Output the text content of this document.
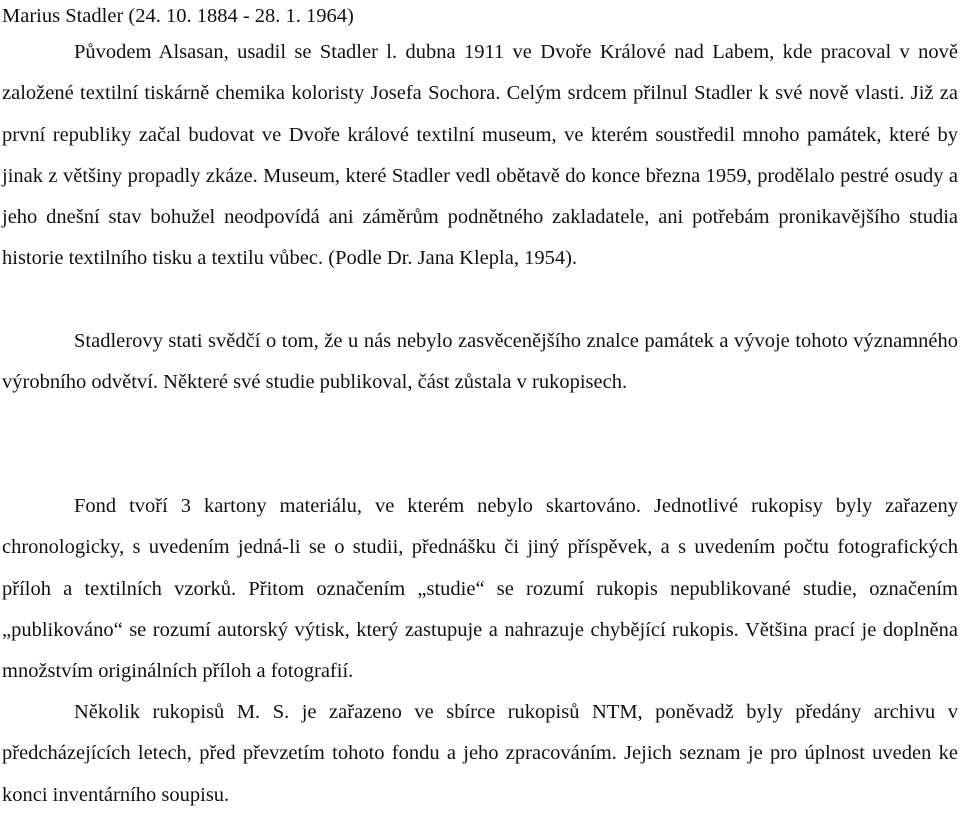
Marius Stadler (24. 10. 1884 - 28. 1. 1964)

Původem Alsasan, usadil se Stadler l. dubna 1911 ve Dvoře Králové nad Labem, kde pracoval v nově založené textilní tiskárně chemika koloristy Josefa Sochora. Celým srdcem přilnul Stadler k své nově vlasti. Již za první republiky začal budovat ve Dvoře králové textilní museum, ve kterém soustředil mnoho památek, které by jinak z většiny propadly zkáze. Museum, které Stadler vedl obětavě do konce března 1959, prodělalo pestré osudy a jeho dnešní stav bohužel neodpovídá ani záměrům podnětného zakladatele, ani potřebám pronikavějšího studia historie textilního tisku a textilu vůbec. (Podle Dr. Jana Klepla, 1954).

Stadlerovy stati svědčí o tom, že u nás nebylo zasvěcenějšího znalce památek a vývoje tohoto významného výrobního odvětví. Některé své studie publikoval, část zůstala v rukopisech.

Fond tvoří 3 kartony materiálu, ve kterém nebylo skartováno. Jednotlivé rukopisy byly zařazeny chronologicky, s uvedením jedná-li se o studii, přednášku či jiný příspěvek, a s uvedením počtu fotografických příloh a textilních vzorků. Přitom označením „studie“ se rozumí rukopis nepublikované studie, označením „publikováno“ se rozumí autorský výtisk, který zastupuje a nahrazuje chybějící rukopis. Většina prací je doplněna množstvím originálních příloh a fotografií.

Několik rukopisů M. S. je zařazeno ve sbírce rukopisů NTM, poněvadž byly předány archivu v předcházejících letech, před převzetím tohoto fondu a jeho zpracováním. Jejich seznam je pro úplnost uveden ke konci inventárního soupisu.
